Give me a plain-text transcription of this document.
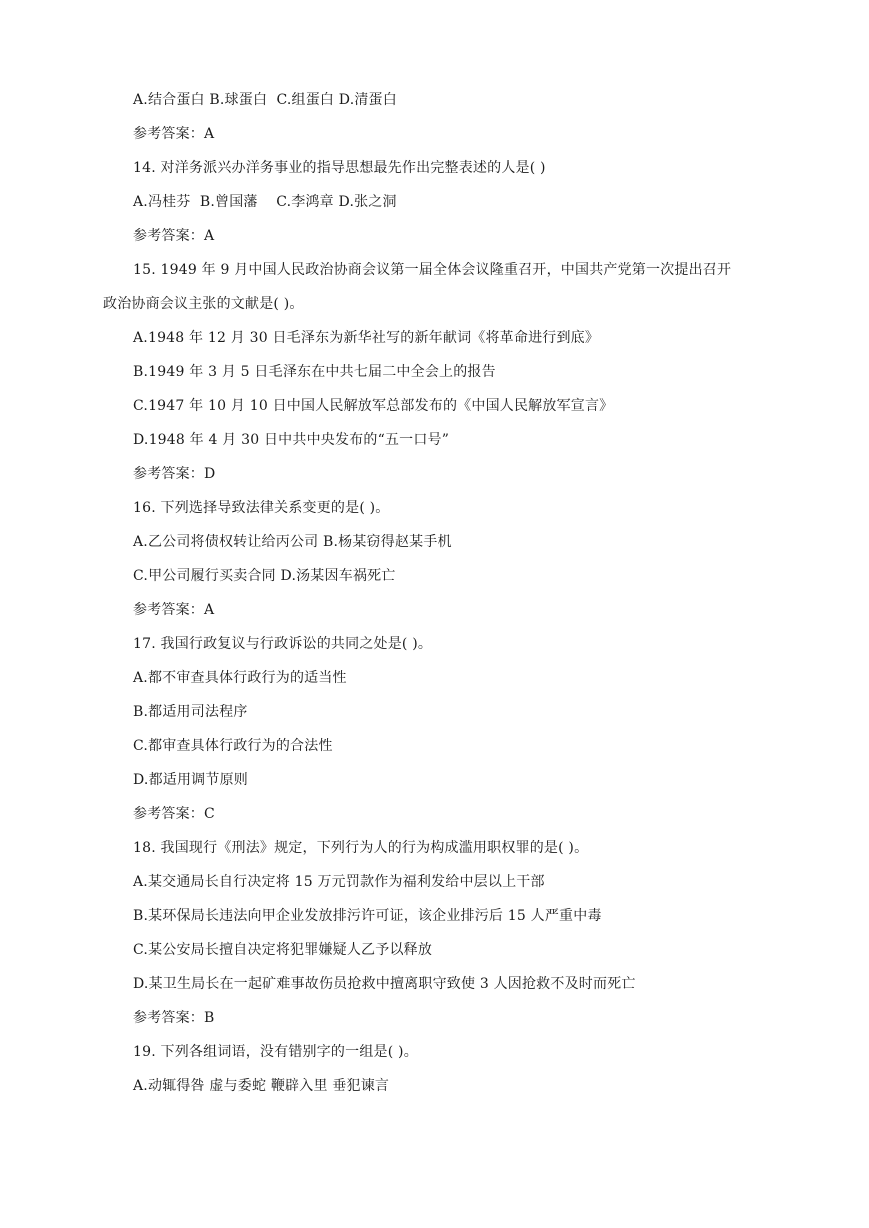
A.结合蛋白 B.球蛋白  C.组蛋白 D.清蛋白
参考答案：A
14. 对洋务派兴办洋务事业的指导思想最先作出完整表述的人是( )
A.冯桂芬  B.曾国藩    C.李鸿章 D.张之洞
参考答案：A
15. 1949 年 9 月中国人民政治协商会议第一届全体会议隆重召开，中国共产党第一次提出召开
政治协商会议主张的文献是( )。
A.1948 年 12 月 30 日毛泽东为新华社写的新年献词《将革命进行到底》
B.1949 年 3 月 5 日毛泽东在中共七届二中全会上的报告
C.1947 年 10 月 10 日中国人民解放军总部发布的《中国人民解放军宣言》
D.1948 年 4 月 30 日中共中央发布的“五一口号”
参考答案：D
16. 下列选择导致法律关系变更的是( )。
A.乙公司将债权转让给丙公司 B.杨某窃得赵某手机
C.甲公司履行买卖合同 D.汤某因车祸死亡
参考答案：A
17. 我国行政复议与行政诉讼的共同之处是( )。
A.都不审查具体行政行为的适当性
B.都适用司法程序
C.都审查具体行政行为的合法性
D.都适用调节原则
参考答案：C
18. 我国现行《刑法》规定，下列行为人的行为构成滥用职权罪的是( )。
A.某交通局长自行决定将 15 万元罚款作为福利发给中层以上干部
B.某环保局长违法向甲企业发放排污许可证，该企业排污后 15 人严重中毒
C.某公安局长擅自决定将犯罪嫌疑人乙予以释放
D.某卫生局长在一起矿难事故伤员抢救中擅离职守致使 3 人因抢救不及时而死亡
参考答案：B
19. 下列各组词语，没有错别字的一组是( )。
A.动辄得咎 虚与委蛇 鞭辟入里 垂犯谏言
